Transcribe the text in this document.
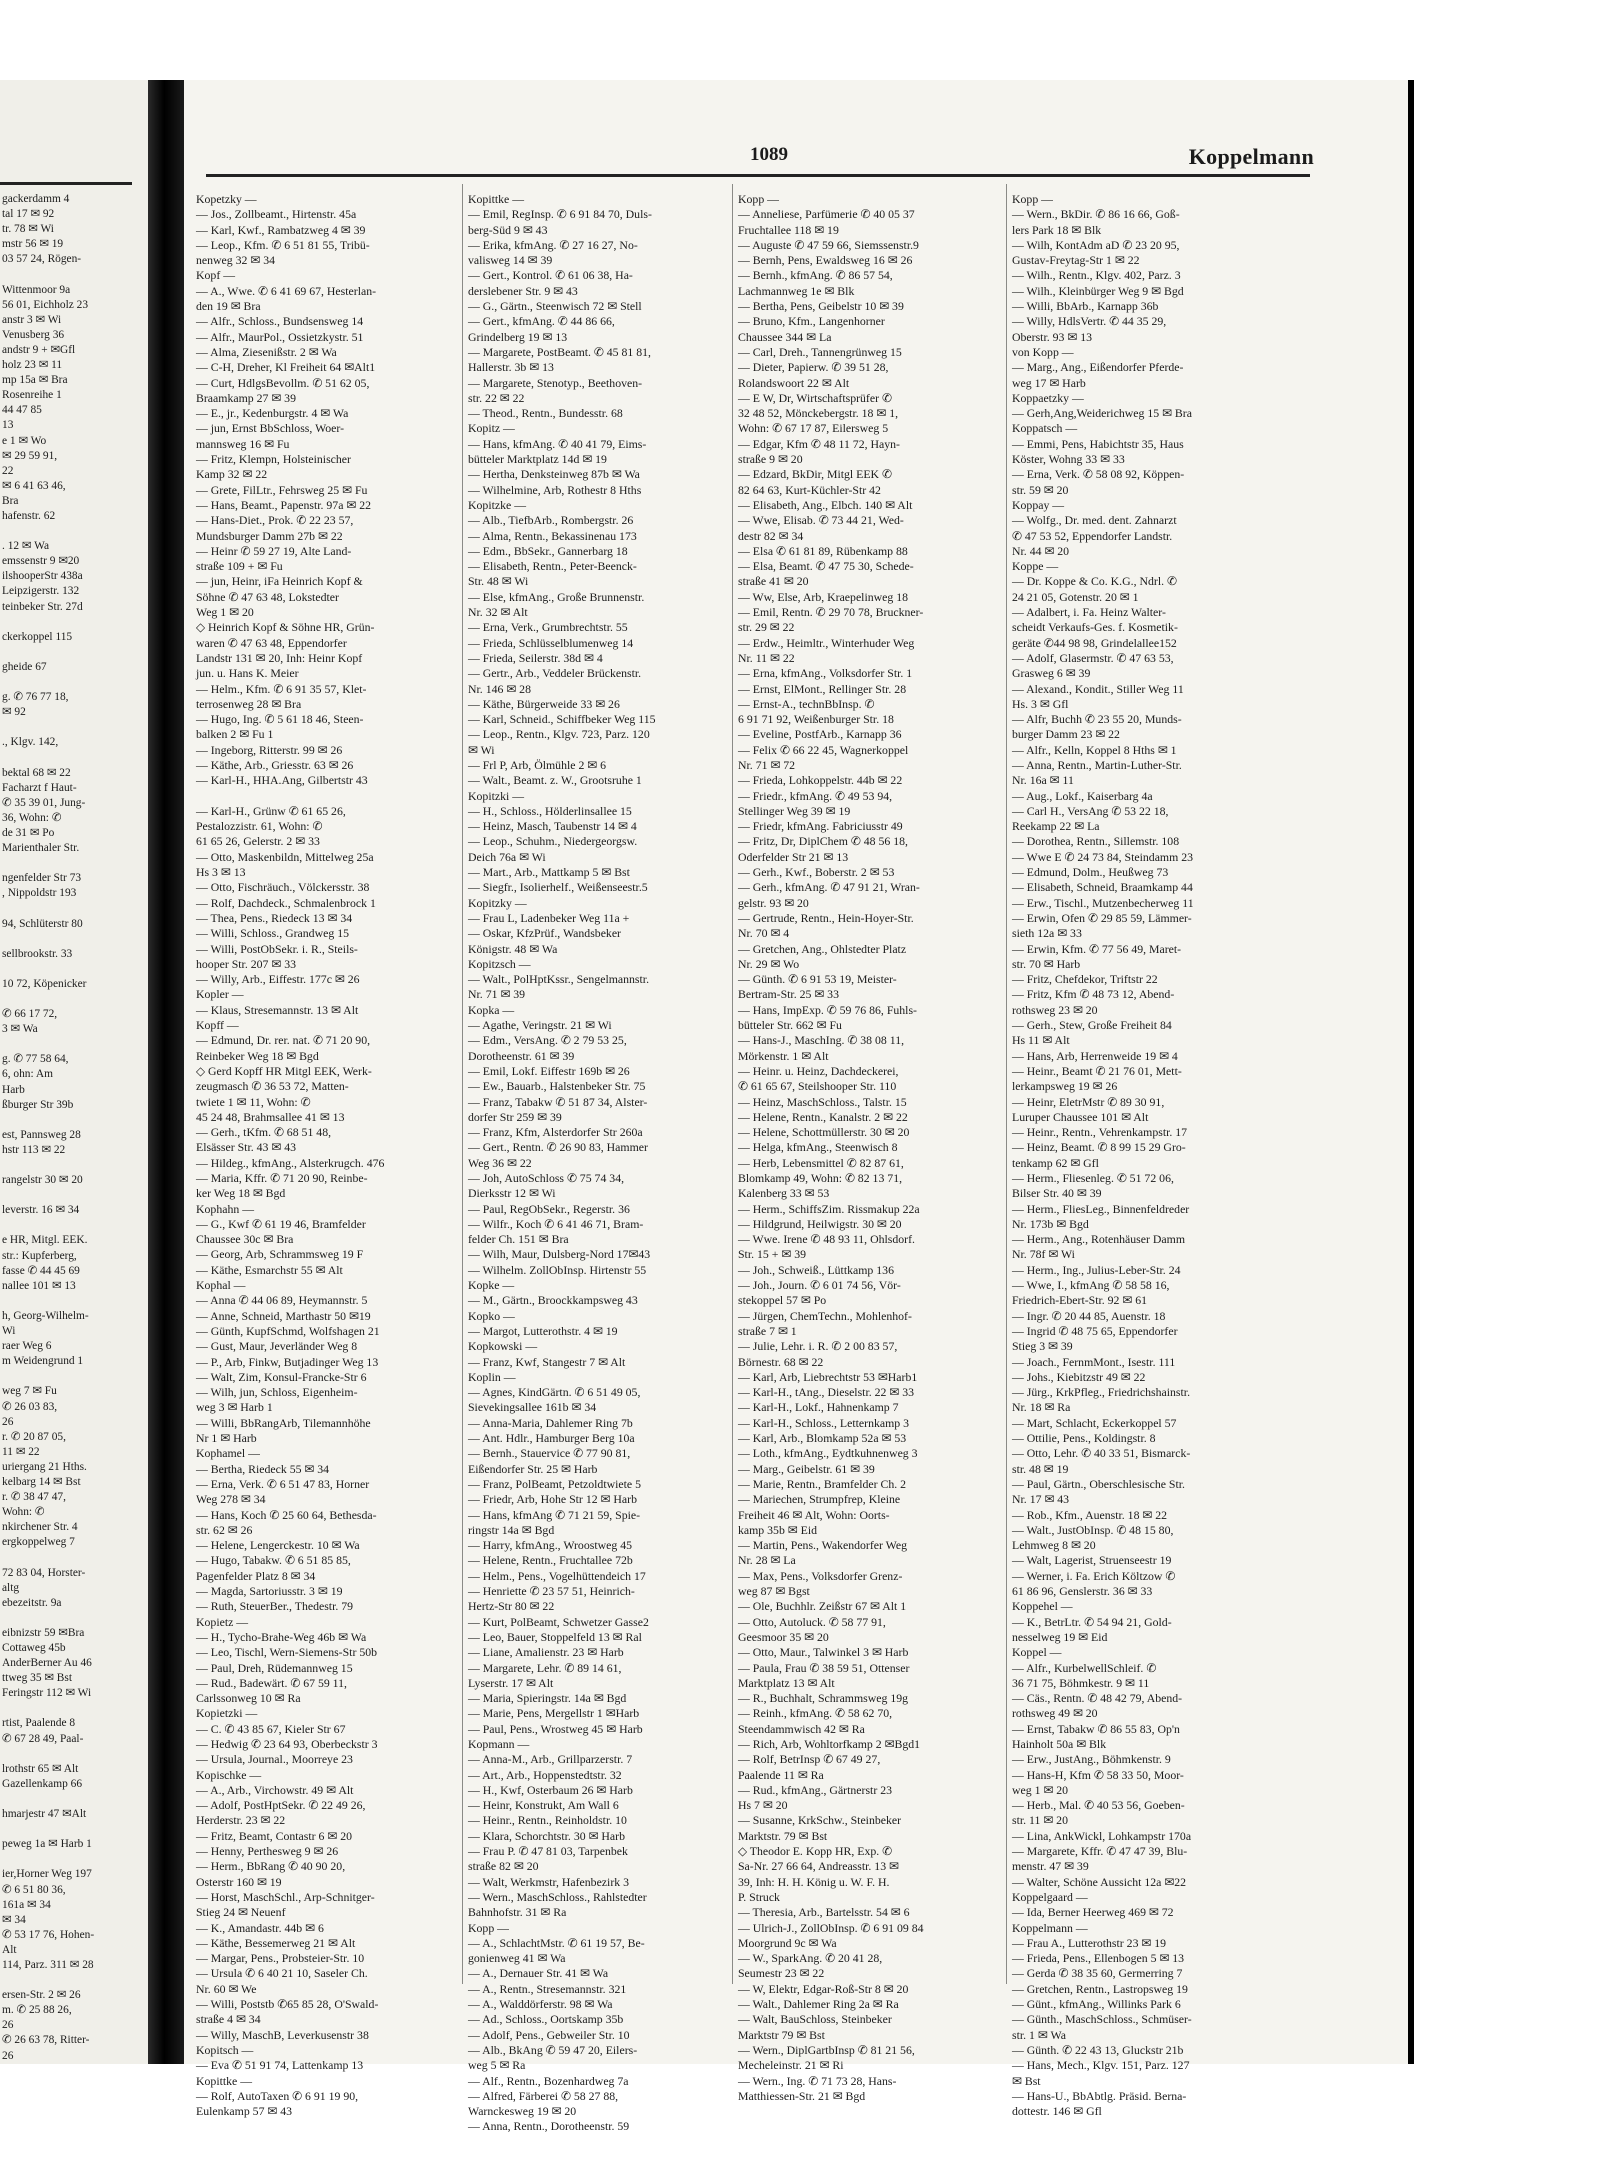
gackerdamm 4
tal 17 ✉ 92
tr. 78 ✉ Wi
mstr 56 ✉ 19
03 57 24, Rögen-

Wittenmoor 9a
56 01, Eichholz 23
anstr 3 ✉ Wi
Venusberg 36
andstr 9 + ✉Gfl
holz 23 ✉ 11
mp 15a ✉ Bra
Rosenreihe 1
44 47 85
13
e 1 ✉ Wo
✉ 29 59 91,
22
✉ 6 41 63 46,
Bra
hafenstr. 62

. 12 ✉ Wa
emssenstr 9 ✉20
ilshooperStr 438a
Leipzigerstr. 132
teinbeker Str. 27d

ckerkoppel 115

gheide 67

g. ✆ 76 77 18,
✉ 92

., Klgv. 142,

bektal 68 ✉ 22
Facharzt f Haut-
✆ 35 39 01, Jung-
36, Wohn: ✆
de 31 ✉ Po
Marienthaler Str.

ngenfelder Str 73
, Nippoldstr 193

94, Schlüterstr 80

sellbrookstr. 33

10 72, Köpenicker

✆ 66 17 72,
3 ✉ Wa

g. ✆ 77 58 64,
6, ohn: Am
Harb
ßburger Str 39b

est, Pannsweg 28
hstr 113 ✉ 22

rangelstr 30 ✉ 20

leverstr. 16 ✉ 34

e HR, Mitgl. EEK.
str.: Kupferberg,
fasse ✆ 44 45 69
nallee 101 ✉ 13

h, Georg-Wilhelm-
Wi
raer Weg 6
m Weidengrund 1

weg 7 ✉ Fu
✆ 26 03 83,
26
r. ✆ 20 87 05,
11 ✉ 22
uriergang 21 Hths.
kelbarg 14 ✉ Bst
r. ✆ 38 47 47,
Wohn: ✆
nkirchener Str. 4
ergkoppelweg 7

72 83 04, Horster-
altg
ebezeitstr. 9a

eibnizstr 59 ✉Bra
Cottaweg 45b
AnderBerner Au 46
ttweg 35 ✉ Bst
Feringstr 112 ✉ Wi

rtist, Paalende 8
✆ 67 28 49, Paal-

lrothstr 65 ✉ Alt
Gazellenkamp 66

hmarjestr 47 ✉Alt

peweg 1a ✉ Harb 1

ier,Horner Weg 197
✆ 6 51 80 36,
161a ✉ 34
✉ 34
✆ 53 17 76, Hohen-
Alt
114, Parz. 311 ✉ 28

ersen-Str. 2 ✉ 26
m. ✆ 25 88 26,
26
✆ 26 63 78, Ritter-
26
1089	Koppelmann
Kopetzky —
— Jos., Zollbeamt., Hirtenstr. 45a
— Karl, Kwf., Rambatzweg 4 ✉ 39
— Leop., Kfm. ✆ 6 51 81 55, Tribü-
nenweg 32 ✉ 34
Kopf —
— A., Wwe. ✆ 6 41 69 67, Hesterlan-
den 19 ✉ Bra
— Alfr., Schloss., Bundsensweg 14
— Alfr., MaurPol., Ossietzkystr. 51
— Alma, Ziesenißstr. 2 ✉ Wa
— C-H, Dreher, Kl Freiheit 64 ✉Alt1
— Curt, HdlgsBevollm. ✆ 51 62 05,
Braamkamp 27 ✉ 39
— E., jr., Kedenburgstr. 4 ✉ Wa
— jun, Ernst BbSchloss, Woer-
mannsweg 16 ✉ Fu
— Fritz, Klempn, Holsteinischer
Kamp 32 ✉ 22
— Grete, FilLtr., Fehrsweg 25 ✉ Fu
— Hans, Beamt., Papenstr. 97a ✉ 22
— Hans-Diet., Prok. ✆ 22 23 57,
Mundsburger Damm 27b ✉ 22
— Heinr ✆ 59 27 19, Alte Land-
straße 109 + ✉ Fu
— jun, Heinr, iFa Heinrich Kopf &
Söhne ✆ 47 63 48, Lokstedter
Weg 1 ✉ 20
◇ Heinrich Kopf & Söhne HR, Grün-
waren ✆ 47 63 48, Eppendorfer
Landstr 131 ✉ 20, Inh: Heinr Kopf
jun. u. Hans K. Meier
— Helm., Kfm. ✆ 6 91 35 57, Klet-
terrosenweg 28 ✉ Bra
— Hugo, Ing. ✆ 5 61 18 46, Steen-
balken 2 ✉ Fu 1
— Ingeborg, Ritterstr. 99 ✉ 26
— Käthe, Arb., Griesstr. 63 ✉ 26
— Karl-H., HHA.Ang, Gilbertstr 43

— Karl-H., Grünw ✆ 61 65 26,
Pestalozzistr. 61, Wohn: ✆
61 65 26, Gelerstr. 2 ✉ 33
— Otto, Maskenbildn, Mittelweg 25a
Hs 3 ✉ 13
— Otto, Fischräuch., Völckersstr. 38
— Rolf, Dachdeck., Schmalenbrock 1
— Thea, Pens., Riedeck 13 ✉ 34
— Willi, Schloss., Grandweg 15
— Willi, PostObSekr. i. R., Steils-
hooper Str. 207 ✉ 33
— Willy, Arb., Eiffestr. 177c ✉ 26
Kopler —
— Klaus, Stresemannstr. 13 ✉ Alt
Kopff —
— Edmund, Dr. rer. nat. ✆ 71 20 90,
Reinbeker Weg 18 ✉ Bgd
◇ Gerd Kopff HR Mitgl EEK, Werk-
zeugmasch ✆ 36 53 72, Matten-
twiete 1 ✉ 11, Wohn: ✆
45 24 48, Brahmsallee 41 ✉ 13
— Gerh., tKfm. ✆ 68 51 48,
Elsässer Str. 43 ✉ 43
— Hildeg., kfmAng., Alsterkrugch. 476
— Maria, Kffr. ✆ 71 20 90, Reinbe-
ker Weg 18 ✉ Bgd
Kophahn —
— G., Kwf ✆ 61 19 46, Bramfelder
Chaussee 30c ✉ Bra
— Georg, Arb, Schrammsweg 19 F
— Käthe, Esmarchstr 55 ✉ Alt
Kophal —
— Anna ✆ 44 06 89, Heymannstr. 5
— Anne, Schneid, Marthastr 50 ✉19
— Günth, KupfSchmd, Wolfshagen 21
— Gust, Maur, Jeverländer Weg 8
— P., Arb, Finkw, Butjadinger Weg 13
— Walt, Zim, Konsul-Francke-Str 6
— Wilh, jun, Schloss, Eigenheim-
weg 3 ✉ Harb 1
— Willi, BbRangArb, Tilemannhöhe
Nr 1 ✉ Harb
Kophamel —
— Bertha, Riedeck 55 ✉ 34
— Erna, Verk. ✆ 6 51 47 83, Horner
Weg 278 ✉ 34
— Hans, Koch ✆ 25 60 64, Bethesda-
str. 62 ✉ 26
— Helene, Lengerckestr. 10 ✉ Wa
— Hugo, Tabakw. ✆ 6 51 85 85,
Pagenfelder Platz 8 ✉ 34
— Magda, Sartoriusstr. 3 ✉ 19
— Ruth, SteuerBer., Thedestr. 79
Kopietz —
— H., Tycho-Brahe-Weg 46b ✉ Wa
— Leo, Tischl, Wern-Siemens-Str 50b
— Paul, Dreh, Rüdemannweg 15
— Rud., Badewärt. ✆ 67 59 11,
Carlssonweg 10 ✉ Ra
Kopietzki —
— C. ✆ 43 85 67, Kieler Str 67
— Hedwig ✆ 23 64 93, Oberbeckstr 3
— Ursula, Journal., Moorreye 23
Kopischke —
— A., Arb., Virchowstr. 49 ✉ Alt
— Adolf, PostHptSekr. ✆ 22 49 26,
Herderstr. 23 ✉ 22
— Fritz, Beamt, Contastr 6 ✉ 20
— Henny, Perthesweg 9 ✉ 26
— Herm., BbRang ✆ 40 90 20,
Osterstr 160 ✉ 19
— Horst, MaschSchl., Arp-Schnitger-
Stieg 24 ✉ Neuenf
— K., Amandastr. 44b ✉ 6
— Käthe, Bessemerweg 21 ✉ Alt
— Margar, Pens., Probsteier-Str. 10
— Ursula ✆ 6 40 21 10, Saseler Ch.
Nr. 60 ✉ We
— Willi, Poststb ✆65 85 28, O'Swald-
straße 4 ✉ 34
— Willy, MaschB, Leverkusenstr 38
Kopitsch —
— Eva ✆ 51 91 74, Lattenkamp 13
Kopittke —
— Rolf, AutoTaxen ✆ 6 91 19 90,
Eulenkamp 57 ✉ 43
Kopittke —
— Emil, RegInsp. ✆ 6 91 84 70, Duls-
berg-Süd 9 ✉ 43
— Erika, kfmAng. ✆ 27 16 27, No-
valisweg 14 ✉ 39
— Gert., Kontrol. ✆ 61 06 38, Ha-
derslebener Str. 9 ✉ 43
— G., Gärtn., Steenwisch 72 ✉ Stell
— Gert., kfmAng. ✆ 44 86 66,
Grindelberg 19 ✉ 13
— Margarete, PostBeamt. ✆ 45 81 81,
Hallerstr. 3b ✉ 13
— Margarete, Stenotyp., Beethoven-
str. 22 ✉ 22
— Theod., Rentn., Bundesstr. 68
Kopitz —
— Hans, kfmAng. ✆ 40 41 79, Eims-
bütteler Marktplatz 14d ✉ 19
— Hertha, Denksteinweg 87b ✉ Wa
— Wilhelmine, Arb, Rothestr 8 Hths
Kopitzke —
— Alb., TiefbArb., Rombergstr. 26
— Alma, Rentn., Bekassinenau 173
— Edm., BbSekr., Gannerbarg 18
— Elisabeth, Rentn., Peter-Beenck-
Str. 48 ✉ Wi
— Else, kfmAng., Große Brunnenstr.
Nr. 32 ✉ Alt
— Erna, Verk., Grumbrechtstr. 55
— Frieda, Schlüsselblumenweg 14
— Frieda, Seilerstr. 38d ✉ 4
— Gertr., Arb., Veddeler Brückenstr.
Nr. 146 ✉ 28
— Käthe, Bürgerweide 33 ✉ 26
— Karl, Schneid., Schiffbeker Weg 115
— Leop., Rentn., Klgv. 723, Parz. 120
✉ Wi
— Frl P, Arb, Ölmühle 2 ✉ 6
— Walt., Beamt. z. W., Grootsruhe 1
Kopitzki —
— H., Schloss., Hölderlinsallee 15
— Heinz, Masch, Taubenstr 14 ✉ 4
— Leop., Schuhm., Niedergeorgsw.
Deich 76a ✉ Wi
— Mart., Arb., Mattkamp 5 ✉ Bst
— Siegfr., Isolierhelf., Weißenseestr.5
Kopitzky —
— Frau L, Ladenbeker Weg 11a +
— Oskar, KfzPrüf., Wandsbeker
Königstr. 48 ✉ Wa
Kopitzsch —
— Walt., PolHptKssr., Sengelmannstr.
Nr. 71 ✉ 39
Kopka —
— Agathe, Veringstr. 21 ✉ Wi
— Edm., VersAng. ✆ 2 79 53 25,
Dorotheenstr. 61 ✉ 39
— Emil, Lokf. Eiffestr 169b ✉ 26
— Ew., Bauarb., Halstenbeker Str. 75
— Franz, Tabakw ✆ 51 87 34, Alster-
dorfer Str 259 ✉ 39
— Franz, Kfm, Alsterdorfer Str 260a
— Gert., Rentn. ✆ 26 90 83, Hammer
Weg 36 ✉ 22
— Joh, AutoSchloss ✆ 75 74 34,
Dierksstr 12 ✉ Wi
— Paul, RegObSekr., Regerstr. 36
— Wilfr., Koch ✆ 6 41 46 71, Bram-
felder Ch. 151 ✉ Bra
— Wilh, Maur, Dulsberg-Nord 17✉43
— Wilhelm. ZollObInsp. Hirtenstr 55
Kopke —
— M., Gärtn., Broockkampsweg 43
Kopko —
— Margot, Lutterothstr. 4 ✉ 19
Kopkowski —
— Franz, Kwf, Stangestr 7 ✉ Alt
Koplin —
— Agnes, KindGärtn. ✆ 6 51 49 05,
Sievekingsallee 161b ✉ 34
— Anna-Maria, Dahlemer Ring 7b
— Ant. Hdlr., Hamburger Berg 10a
— Bernh., Stauervice ✆ 77 90 81,
Eißendorfer Str. 25 ✉ Harb
— Franz, PolBeamt, Petzoldtwiete 5
— Friedr, Arb, Hohe Str 12 ✉ Harb
— Hans, kfmAng ✆ 71 21 59, Spie-
ringstr 14a ✉ Bgd
— Harry, kfmAng., Wroostweg 45
— Helene, Rentn., Fruchtallee 72b
— Helm., Pens., Vogelhüttendeich 17
— Henriette ✆ 23 57 51, Heinrich-
Hertz-Str 80 ✉ 22
— Kurt, PolBeamt, Schwetzer Gasse2
— Leo, Bauer, Stoppelfeld 13 ✉ Ral
— Liane, Amalienstr. 23 ✉ Harb
— Margarete, Lehr. ✆ 89 14 61,
Lyserstr. 17 ✉ Alt
— Maria, Spieringstr. 14a ✉ Bgd
— Marie, Pens, Mergellstr 1 ✉Harb
— Paul, Pens., Wrostweg 45 ✉ Harb
Kopmann —
— Anna-M., Arb., Grillparzerstr. 7
— Art., Arb., Hoppenstedtstr. 32
— H., Kwf, Osterbaum 26 ✉ Harb
— Heinr, Konstrukt, Am Wall 6
— Heinr., Rentn., Reinholdstr. 10
— Klara, Schorchtstr. 30 ✉ Harb
— Frau P. ✆ 47 81 03, Tarpenbek
straße 82 ✉ 20
— Walt, Werkmstr, Hafenbezirk 3
— Wern., MaschSchloss., Rahlstedter
Bahnhofstr. 31 ✉ Ra
Kopp —
— A., SchlachtMstr. ✆ 61 19 57, Be-
gonienweg 41 ✉ Wa
— A., Dernauer Str. 41 ✉ Wa
— A., Rentn., Stresemannstr. 321
— A., Walddörferstr. 98 ✉ Wa
— Ad., Schloss., Oortskamp 35b
— Adolf, Pens., Gebweiler Str. 10
— Alb., BkAng ✆ 59 47 20, Eilers-
weg 5 ✉ Ra
— Alf., Rentn., Bozenhardweg 7a
— Alfred, Färberei ✆ 58 27 88,
Warnckesweg 19 ✉ 20
— Anna, Rentn., Dorotheenstr. 59
Kopp —
— Anneliese, Parfümerie ✆ 40 05 37
Fruchtallee 118 ✉ 19
— Auguste ✆ 47 59 66, Siemssenstr.9
— Bernh, Pens, Ewaldsweg 16 ✉ 26
— Bernh., kfmAng. ✆ 86 57 54,
Lachmannweg 1e ✉ Blk
— Bertha, Pens, Geibelstr 10 ✉ 39
— Bruno, Kfm., Langenhorner
Chaussee 344 ✉ La
— Carl, Dreh., Tannengrünweg 15
— Dieter, Papierw. ✆ 39 51 28,
Rolandswoort 22 ✉ Alt
— E W, Dr, Wirtschaftsprüfer ✆
32 48 52, Mönckebergstr. 18 ✉ 1,
Wohn: ✆ 67 17 87, Eilersweg 5
— Edgar, Kfm ✆ 48 11 72, Hayn-
straße 9 ✉ 20
— Edzard, BkDir, Mitgl EEK ✆
82 64 63, Kurt-Küchler-Str 42
— Elisabeth, Ang., Elbch. 140 ✉ Alt
— Wwe, Elisab. ✆ 73 44 21, Wed-
destr 82 ✉ 34
— Elsa ✆ 61 81 89, Rübenkamp 88
— Elsa, Beamt. ✆ 47 75 30, Schede-
straße 41 ✉ 20
— Ww, Else, Arb, Kraepelinweg 18
— Emil, Rentn. ✆ 29 70 78, Bruckner-
str. 29 ✉ 22
— Erdw., Heimltr., Winterhuder Weg
Nr. 11 ✉ 22
— Erna, kfmAng., Volksdorfer Str. 1
— Ernst, ElMont., Rellinger Str. 28
— Ernst-A., technBbInsp. ✆
6 91 71 92, Weißenburger Str. 18
— Eveline, PostfArb., Karnapp 36
— Felix ✆ 66 22 45, Wagnerkoppel
Nr. 71 ✉ 72
— Frieda, Lohkoppelstr. 44b ✉ 22
— Friedr., kfmAng. ✆ 49 53 94,
Stellinger Weg 39 ✉ 19
— Friedr, kfmAng. Fabriciusstr 49
— Fritz, Dr, DiplChem ✆ 48 56 18,
Oderfelder Str 21 ✉ 13
— Gerh., Kwf., Boberstr. 2 ✉ 53
— Gerh., kfmAng. ✆ 47 91 21, Wran-
gelstr. 93 ✉ 20
— Gertrude, Rentn., Hein-Hoyer-Str.
Nr. 70 ✉ 4
— Gretchen, Ang., Ohlstedter Platz
Nr. 29 ✉ Wo
— Günth. ✆ 6 91 53 19, Meister-
Bertram-Str. 25 ✉ 33
— Hans, ImpExp. ✆ 59 76 86, Fuhls-
bütteler Str. 662 ✉ Fu
— Hans-J., MaschIng. ✆ 38 08 11,
Mörkenstr. 1 ✉ Alt
— Heinr. u. Heinz, Dachdeckerei,
✆ 61 65 67, Steilshooper Str. 110
— Heinz, MaschSchloss., Talstr. 15
— Helene, Rentn., Kanalstr. 2 ✉ 22
— Helene, Schottmüllerstr. 30 ✉ 20
— Helga, kfmAng., Steenwisch 8
— Herb, Lebensmittel ✆ 82 87 61,
Blomkamp 49, Wohn: ✆ 82 13 71,
Kalenberg 33 ✉ 53
— Herm., SchiffsZim. Rissmakup 22a
— Hildgrund, Heilwigstr. 30 ✉ 20
— Wwe. Irene ✆ 48 93 11, Ohlsdorf.
Str. 15 + ✉ 39
— Joh., Schweiß., Lüttkamp 136
— Joh., Journ. ✆ 6 01 74 56, Vör-
stekoppel 57 ✉ Po
— Jürgen, ChemTechn., Mohlenhof-
straße 7 ✉ 1
— Julie, Lehr. i. R. ✆ 2 00 83 57,
Börnestr. 68 ✉ 22
— Karl, Arb, Liebrechtstr 53 ✉Harb1
— Karl-H., tAng., Dieselstr. 22 ✉ 33
— Karl-H., Lokf., Hahnenkamp 7
— Karl-H., Schloss., Letternkamp 3
— Karl, Arb., Blomkamp 52a ✉ 53
— Loth., kfmAng., Eydtkuhnenweg 3
— Marg., Geibelstr. 61 ✉ 39
— Marie, Rentn., Bramfelder Ch. 2
— Mariechen, Strumpfrep, Kleine
Freiheit 46 ✉ Alt, Wohn: Oorts-
kamp 35b ✉ Eid
— Martin, Pens., Wakendorfer Weg
Nr. 28 ✉ La
— Max, Pens., Volksdorfer Grenz-
weg 87 ✉ Bgst
— Ole, Buchhlr. Zeißstr 67 ✉ Alt 1
— Otto, Autoluck. ✆ 58 77 91,
Geesmoor 35 ✉ 20
— Otto, Maur., Talwinkel 3 ✉ Harb
— Paula, Frau ✆ 38 59 51, Ottenser
Marktplatz 13 ✉ Alt
— R., Buchhalt, Schrammsweg 19g
— Reinh., kfmAng. ✆ 58 62 70,
Steendammwisch 42 ✉ Ra
— Rich, Arb, Wohltorfkamp 2 ✉Bgd1
— Rolf, BetrInsp ✆ 67 49 27,
Paalende 11 ✉ Ra
— Rud., kfmAng., Gärtnerstr 23
Hs 7 ✉ 20
— Susanne, KrkSchw., Steinbeker
Marktstr. 79 ✉ Bst
◇ Theodor E. Kopp HR, Exp. ✆
Sa-Nr. 27 66 64, Andreasstr. 13 ✉
39, Inh: H. H. König u. W. F. H.
P. Struck
— Theresia, Arb., Bartelsstr. 54 ✉ 6
— Ulrich-J., ZollObInsp. ✆ 6 91 09 84
Moorgrund 9c ✉ Wa
— W., SparkAng. ✆ 20 41 28,
Seumestr 23 ✉ 22
— W, Elektr, Edgar-Roß-Str 8 ✉ 20
— Walt., Dahlemer Ring 2a ✉ Ra
— Walt, BauSchloss, Steinbeker
Marktstr 79 ✉ Bst
— Wern., DiplGartbInsp ✆ 81 21 56,
Mecheleinstr. 21 ✉ Ri
— Wern., Ing. ✆ 71 73 28, Hans-
Matthiessen-Str. 21 ✉ Bgd
Kopp —
— Wern., BkDir. ✆ 86 16 66, Goß-
lers Park 18 ✉ Blk
— Wilh, KontAdm aD ✆ 23 20 95,
Gustav-Freytag-Str 1 ✉ 22
— Wilh., Rentn., Klgv. 402, Parz. 3
— Wilh., Kleinbürger Weg 9 ✉ Bgd
— Willi, BbArb., Karnapp 36b
— Willy, HdlsVertr. ✆ 44 35 29,
Oberstr. 93 ✉ 13
von Kopp —
— Marg., Ang., Eißendorfer Pferde-
weg 17 ✉ Harb
Koppaetzky —
— Gerh,Ang,Weiderichweg 15 ✉ Bra
Koppatsch —
— Emmi, Pens, Habichtstr 35, Haus
Köster, Wohng 33 ✉ 33
— Erna, Verk. ✆ 58 08 92, Köppen-
str. 59 ✉ 20
Koppay —
— Wolfg., Dr. med. dent. Zahnarzt
✆ 47 53 52, Eppendorfer Landstr.
Nr. 44 ✉ 20
Koppe —
— Dr. Koppe & Co. K.G., Ndrl. ✆
24 21 05, Gotenstr. 20 ✉ 1
— Adalbert, i. Fa. Heinz Walter-
scheidt Verkaufs-Ges. f. Kosmetik-
geräte ✆44 98 98, Grindelallee152
— Adolf, Glasermstr. ✆ 47 63 53,
Grasweg 6 ✉ 39
— Alexand., Kondit., Stiller Weg 11
Hs. 3 ✉ Gfl
— Alfr, Buchh ✆ 23 55 20, Munds-
burger Damm 23 ✉ 22
— Alfr., Kelln, Koppel 8 Hths ✉ 1
— Anna, Rentn., Martin-Luther-Str.
Nr. 16a ✉ 11
— Aug., Lokf., Kaiserbarg 4a
— Carl H., VersAng ✆ 53 22 18,
Reekamp 22 ✉ La
— Dorothea, Rentn., Sillemstr. 108
— Wwe E ✆ 24 73 84, Steindamm 23
— Edmund, Dolm., Heußweg 73
— Elisabeth, Schneid, Braamkamp 44
— Erw., Tischl., Mutzenbecherweg 11
— Erwin, Ofen ✆ 29 85 59, Lämmer-
sieth 12a ✉ 33
— Erwin, Kfm. ✆ 77 56 49, Maret-
str. 70 ✉ Harb
— Fritz, Chefdekor, Triftstr 22
— Fritz, Kfm ✆ 48 73 12, Abend-
rothsweg 23 ✉ 20
— Gerh., Stew, Große Freiheit 84
Hs 11 ✉ Alt
— Hans, Arb, Herrenweide 19 ✉ 4
— Heinr., Beamt ✆ 21 76 01, Mett-
lerkampsweg 19 ✉ 26
— Heinr, EletrMstr ✆ 89 30 91,
Luruper Chaussee 101 ✉ Alt
— Heinr., Rentn., Vehrenkampstr. 17
— Heinz, Beamt. ✆ 8 99 15 29 Gro-
tenkamp 62 ✉ Gfl
— Herm., Fliesenleg. ✆ 51 72 06,
Bilser Str. 40 ✉ 39
— Herm., FliesLeg., Binnenfeldreder
Nr. 173b ✉ Bgd
— Herm., Ang., Rotenhäuser Damm
Nr. 78f ✉ Wi
— Herm., Ing., Julius-Leber-Str. 24
— Wwe, I., kfmAng ✆ 58 58 16,
Friedrich-Ebert-Str. 92 ✉ 61
— Ingr. ✆ 20 44 85, Auenstr. 18
— Ingrid ✆ 48 75 65, Eppendorfer
Stieg 3 ✉ 39
— Joach., FernmMont., Isestr. 111
— Johs., Kiebitzstr 49 ✉ 22
— Jürg., KrkPfleg., Friedrichshainstr.
Nr. 18 ✉ Ra
— Mart, Schlacht, Eckerkoppel 57
— Ottilie, Pens., Koldingstr. 8
— Otto, Lehr. ✆ 40 33 51, Bismarck-
str. 48 ✉ 19
— Paul, Gärtn., Oberschlesische Str.
Nr. 17 ✉ 43
— Rob., Kfm., Auenstr. 18 ✉ 22
— Walt., JustObInsp. ✆ 48 15 80,
Lehmweg 8 ✉ 20
— Walt, Lagerist, Struenseestr 19
— Werner, i. Fa. Erich Költzow ✆
61 86 96, Genslerstr. 36 ✉ 33
Koppehel —
— K., BetrLtr. ✆ 54 94 21, Gold-
nesselweg 19 ✉ Eid
Koppel —
— Alfr., KurbelwellSchleif. ✆
36 71 75, Böhmkestr. 9 ✉ 11
— Cäs., Rentn. ✆ 48 42 79, Abend-
rothsweg 49 ✉ 20
— Ernst, Tabakw ✆ 86 55 83, Op'n
Hainholt 50a ✉ Blk
— Erw., JustAng., Böhmkenstr. 9
— Hans-H, Kfm ✆ 58 33 50, Moor-
weg 1 ✉ 20
— Herb., Mal. ✆ 40 53 56, Goeben-
str. 11 ✉ 20
— Lina, AnkWickl, Lohkampstr 170a
— Margarete, Kffr. ✆ 47 47 39, Blu-
menstr. 47 ✉ 39
— Walter, Schöne Aussicht 12a ✉22
Koppelgaard —
— Ida, Berner Heerweg 469 ✉ 72
Koppelmann —
— Frau A., Lutterothstr 23 ✉ 19
— Frieda, Pens., Ellenbogen 5 ✉ 13
— Gerda ✆ 38 35 60, Germerring 7
— Gretchen, Rentn., Lastropsweg 19
— Günt., kfmAng., Willinks Park 6
— Günth., MaschSchloss., Schmüser-
str. 1 ✉ Wa
— Günth. ✆ 22 43 13, Gluckstr 21b
— Hans, Mech., Klgv. 151, Parz. 127
✉ Bst
— Hans-U., BbAbtlg. Präsid. Berna-
dottestr. 146 ✉ Gfl
